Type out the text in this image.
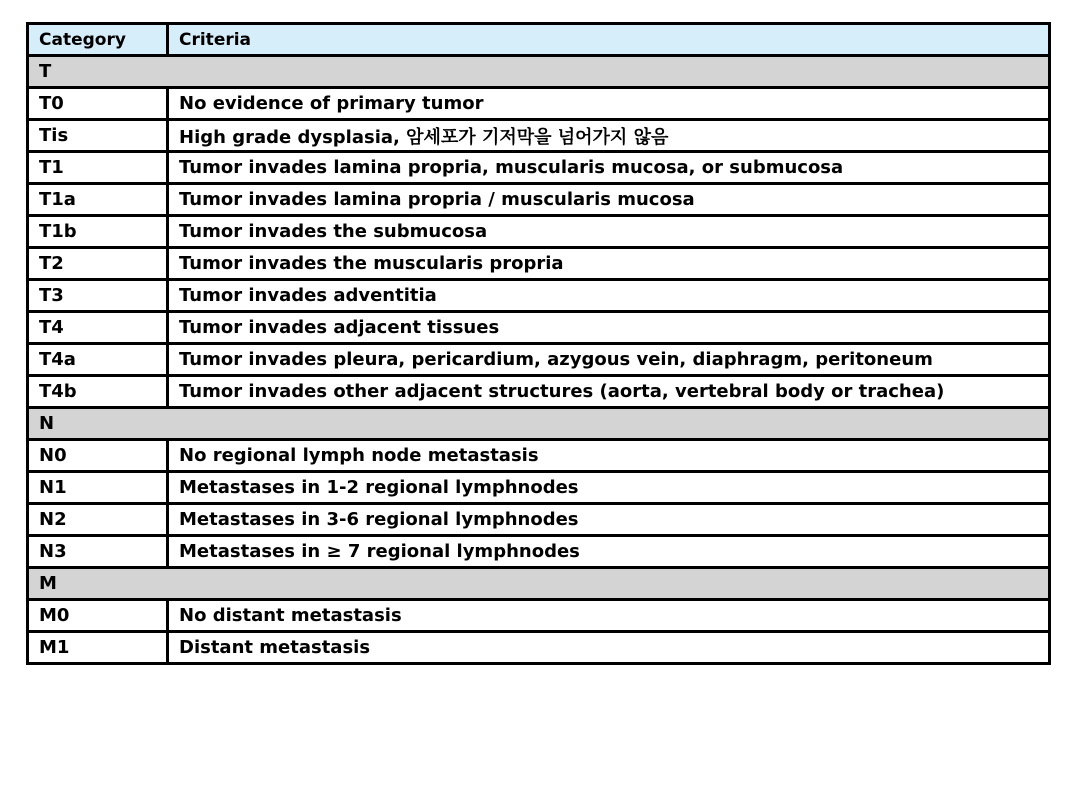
Category	Criteria
T	
T0	No evidence of primary tumor
Tis	High grade dysplasia, 암세포가 기저막을 넘어가지 않음
T1	Tumor invades lamina propria, muscularis mucosa, or submucosa
T1a	Tumor invades lamina propria / muscularis mucosa
T1b	Tumor invades the submucosa
T2	Tumor invades the muscularis propria
T3	Tumor invades adventitia
T4	Tumor invades adjacent tissues
T4a	Tumor invades pleura, pericardium, azygous vein, diaphragm, peritoneum
T4b	Tumor invades other adjacent structures (aorta, vertebral body or trachea)
N	
N0	No regional lymph node metastasis
N1	Metastases in 1-2 regional lymphnodes
N2	Metastases in 3-6 regional lymphnodes
N3	Metastases in ≥ 7 regional lymphnodes
M	
M0	No distant metastasis
M1	Distant metastasis
